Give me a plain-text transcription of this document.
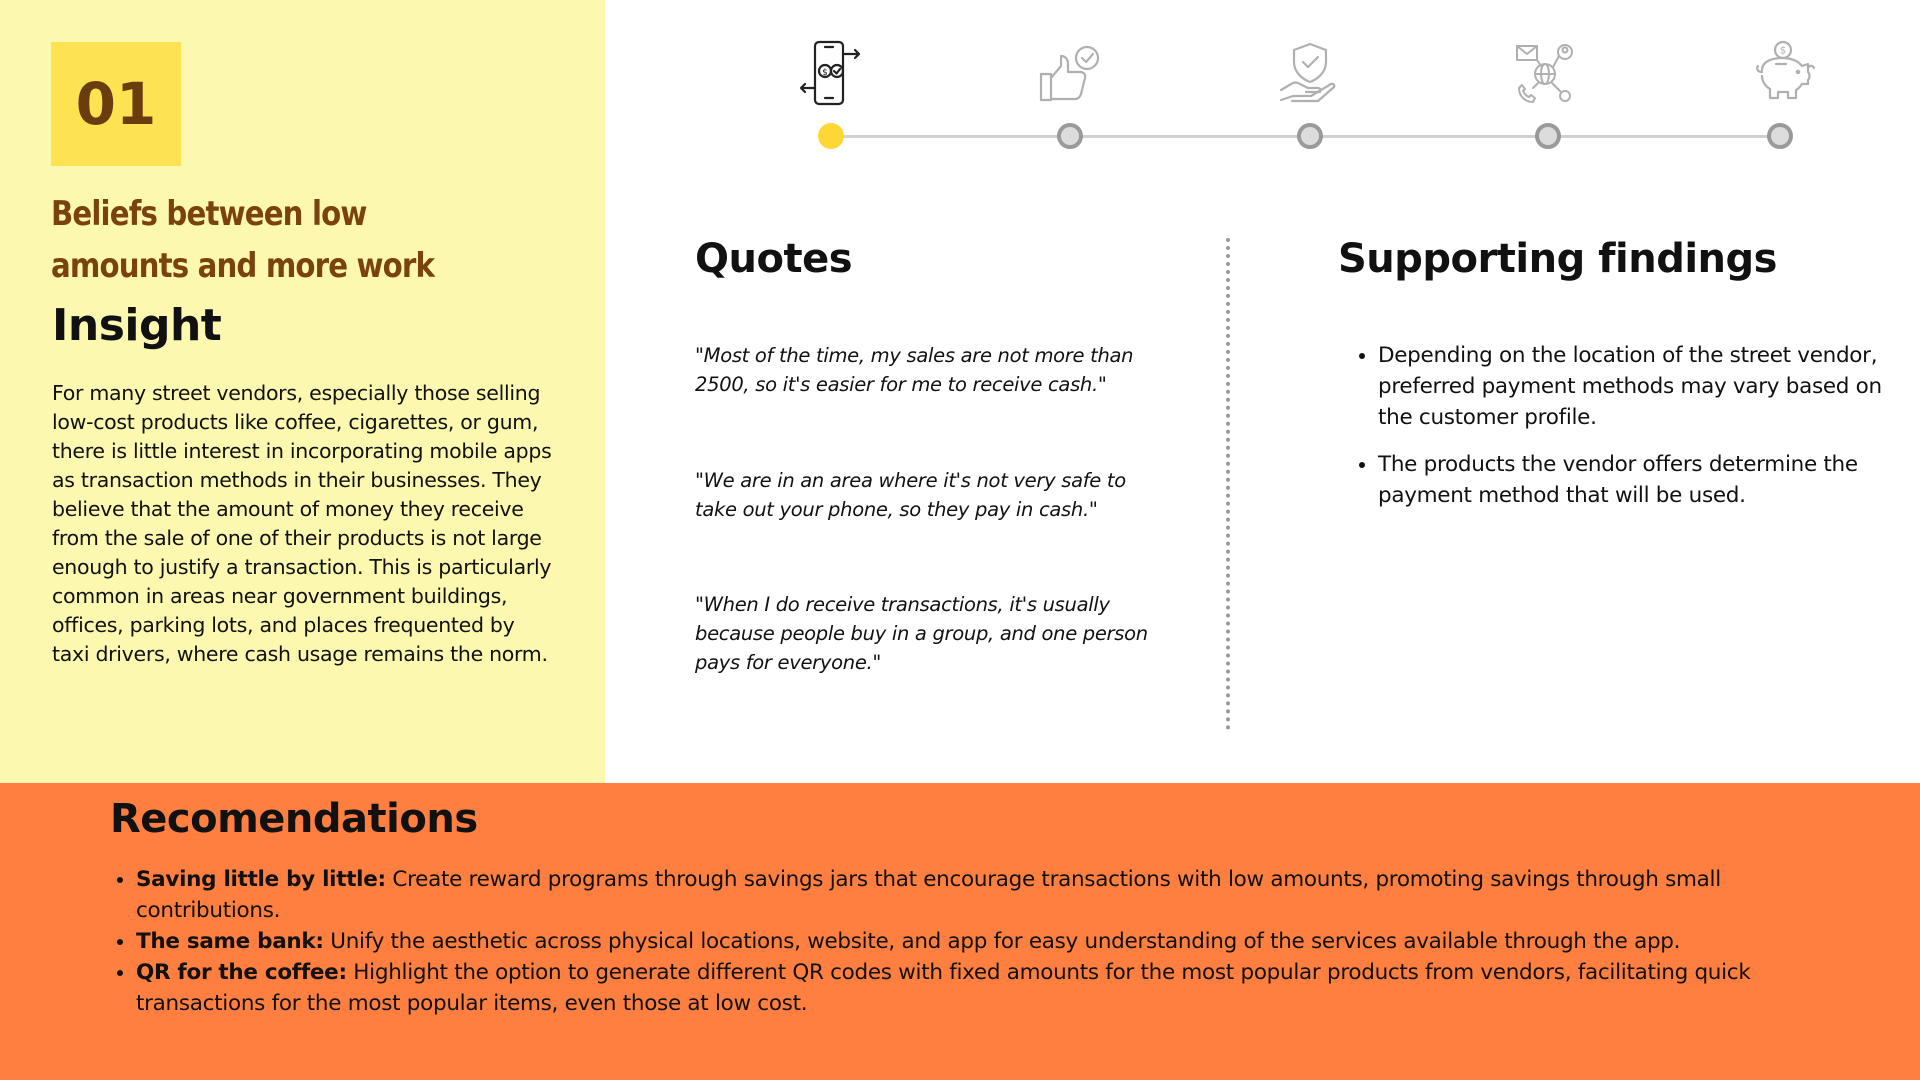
01
Beliefs between low
amounts and more work
Insight
For many street vendors, especially those selling low-cost products like coffee, cigarettes, or gum, there is little interest in incorporating mobile apps as transaction methods in their businesses. They believe that the amount of money they receive from the sale of one of their products is not large enough to justify a transaction. This is particularly common in areas near government buildings, offices, parking lots, and places frequented by taxi drivers, where cash usage remains the norm.
$
$
Quotes
"Most of the time, my sales are not more than 2500, so it's easier for me to receive cash."
"We are in an area where it's not very safe to take out your phone, so they pay in cash."
"When I do receive transactions, it's usually because people buy in a group, and one person pays for everyone."
Supporting findings
• Depending on the location of the street vendor, preferred payment methods may vary based on the customer profile.
• The products the vendor offers determine the payment method that will be used.
Recomendations
• Saving little by little: Create reward programs through savings jars that encourage transactions with low amounts, promoting savings through small contributions.
• The same bank: Unify the aesthetic across physical locations, website, and app for easy understanding of the services available through the app.
• QR for the coffee: Highlight the option to generate different QR codes with fixed amounts for the most popular products from vendors, facilitating quick transactions for the most popular items, even those at low cost.
